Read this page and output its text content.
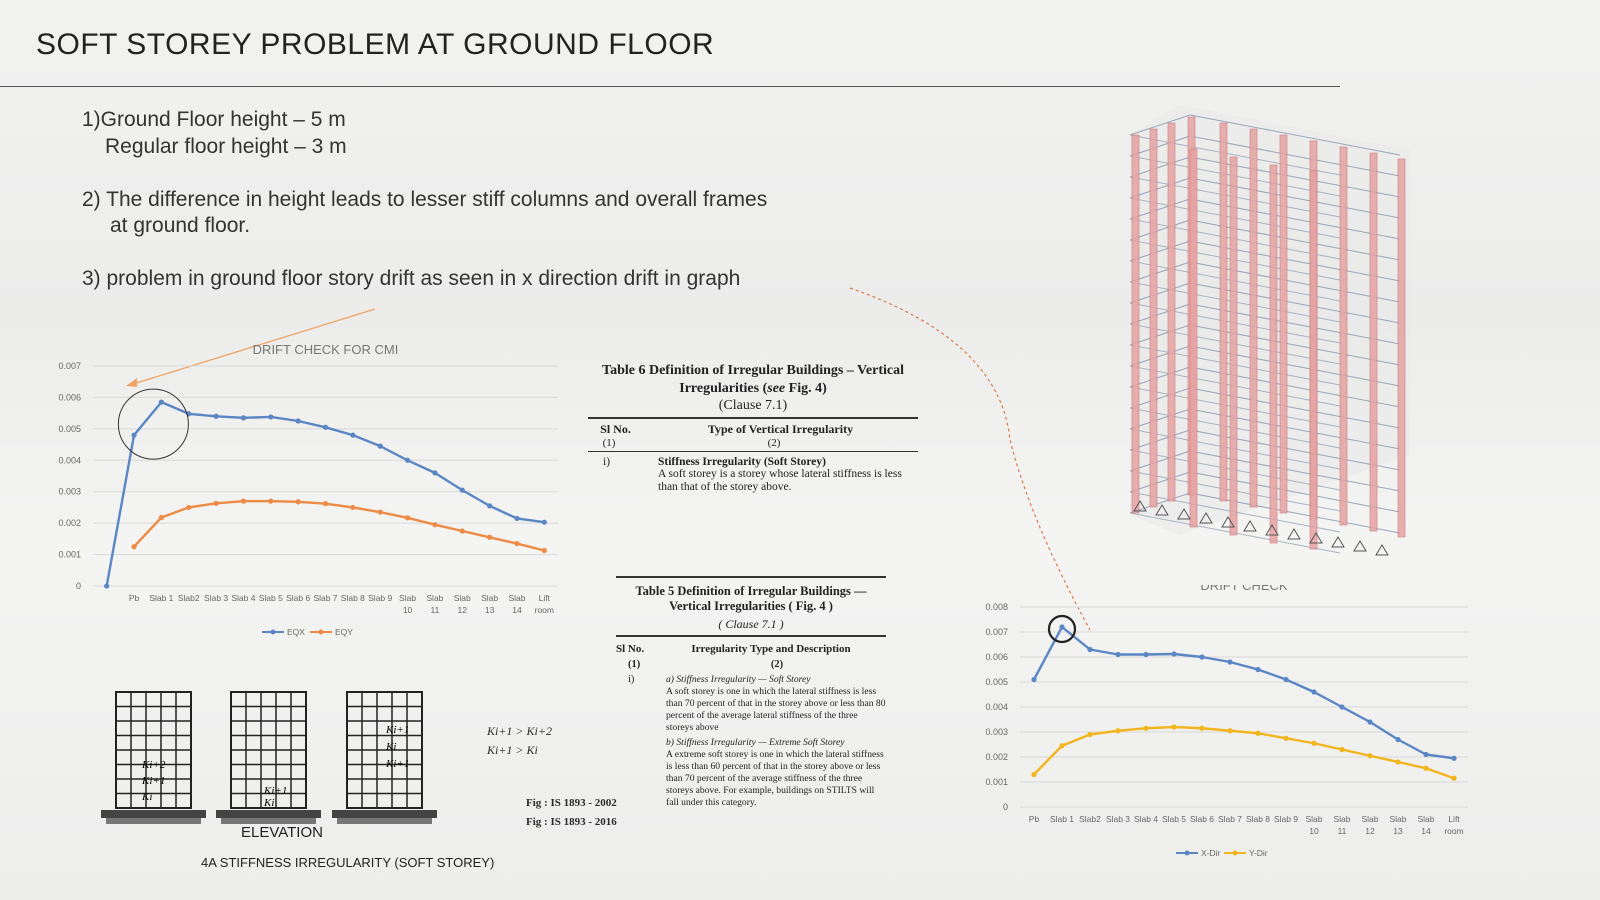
SOFT STOREY PROBLEM AT GROUND FLOOR
1)Ground Floor height – 5 m
Regular floor height – 3 m
2) The difference in height leads to lesser stiff columns and overall frames
at ground floor.
3) problem in ground floor story drift as seen in x direction drift in graph
DRIFT CHECK FOR CMI
0
0.001
0.002
0.003
0.004
0.005
0.006
0.007
Pb Slab 1 Slab2 Slab 3 Slab 4 Slab 5 Slab 6 Slab 7 Slab 8 Slab 9 Slab
10
Slab
11
Slab
12
Slab
13
Slab
14
Lift
room
EQX	EQY
DRIFT CHECK
0
0.001
0.002
0.003
0.004
0.005
0.006
0.007
0.008
Pb Slab 1 Slab2 Slab 3 Slab 4 Slab 5 Slab 6 Slab 7 Slab 8 Slab 9 Slab
10
Slab
11
Slab
12
Slab
13
Slab
14
Lift
room
X-Dir	Y-Dir
Table 6 Definition of Irregular Buildings – Vertical
Irregularities (see Fig. 4)
(Clause 7.1)
Sl No.	Type of Vertical Irregularity
(1)	(2)
i)	Stiffness Irregularity (Soft Storey)
A soft storey is a storey whose lateral stiffness is less than that of the storey above.
Table 5 Definition of Irregular Buildings —
Vertical Irregularities ( Fig. 4 )
( Clause 7.1 )
Sl No.	Irregularity Type and Description
(1)	(2)
i)	a) Stiffness Irregularity — Soft Storey
A soft storey is one in which the lateral stiffness is less than 70 percent of that in the storey above or less than 80 percent of the average lateral stiffness of the three storeys above
b) Stiffness Irregularity — Extreme Soft Storey
A extreme soft storey is one in which the lateral stiffness is less than 60 percent of that in the storey above or less than 70 percent of the average stiffness of the three storeys above. For example, buildings on STILTS will fall under this category.
Fig : IS 1893 - 2002
Fig : IS 1893 - 2016
Ki+2
Ki+1
Ki	Ki+1
Ki
Ki+1
Ki
Ki+1
Ki+1 > Ki+2
Ki+1 > Ki
ELEVATION
4A STIFFNESS IRREGULARITY (SOFT STOREY)
